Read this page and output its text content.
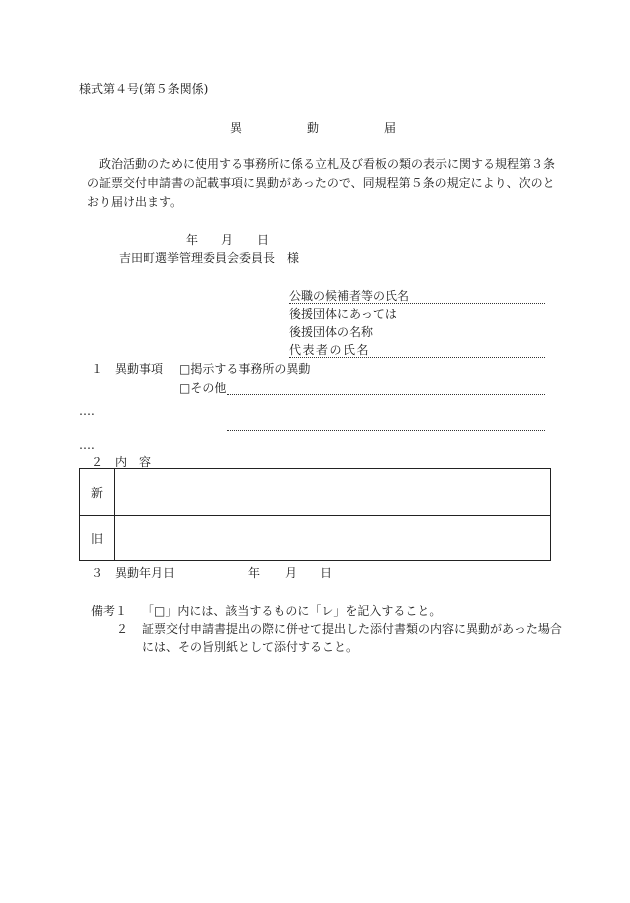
様式第４号(第５条関係)
異	動	届
政治活動のために使用する事務所に係る立札及び看板の類の表示に関する規程第３条
の証票交付申請書の記載事項に異動があったので、同規程第５条の規定により、次のと
おり届け出ます。
年 月 日
吉田町選挙管理委員会委員長　様
公職の候補者等の氏名
後援団体にあっては
後援団体の名称
代表者の氏名
１　異動事項 □掲示する事務所の異動
□その他
….
….
２　内　容
新
旧
３　異動年月日	年 月 日
備考１ 「□」内には、該当するものに「レ」を記入すること。
２ 証票交付申請書提出の際に併せて提出した添付書類の内容に異動があった場合
には、その旨別紙として添付すること。
